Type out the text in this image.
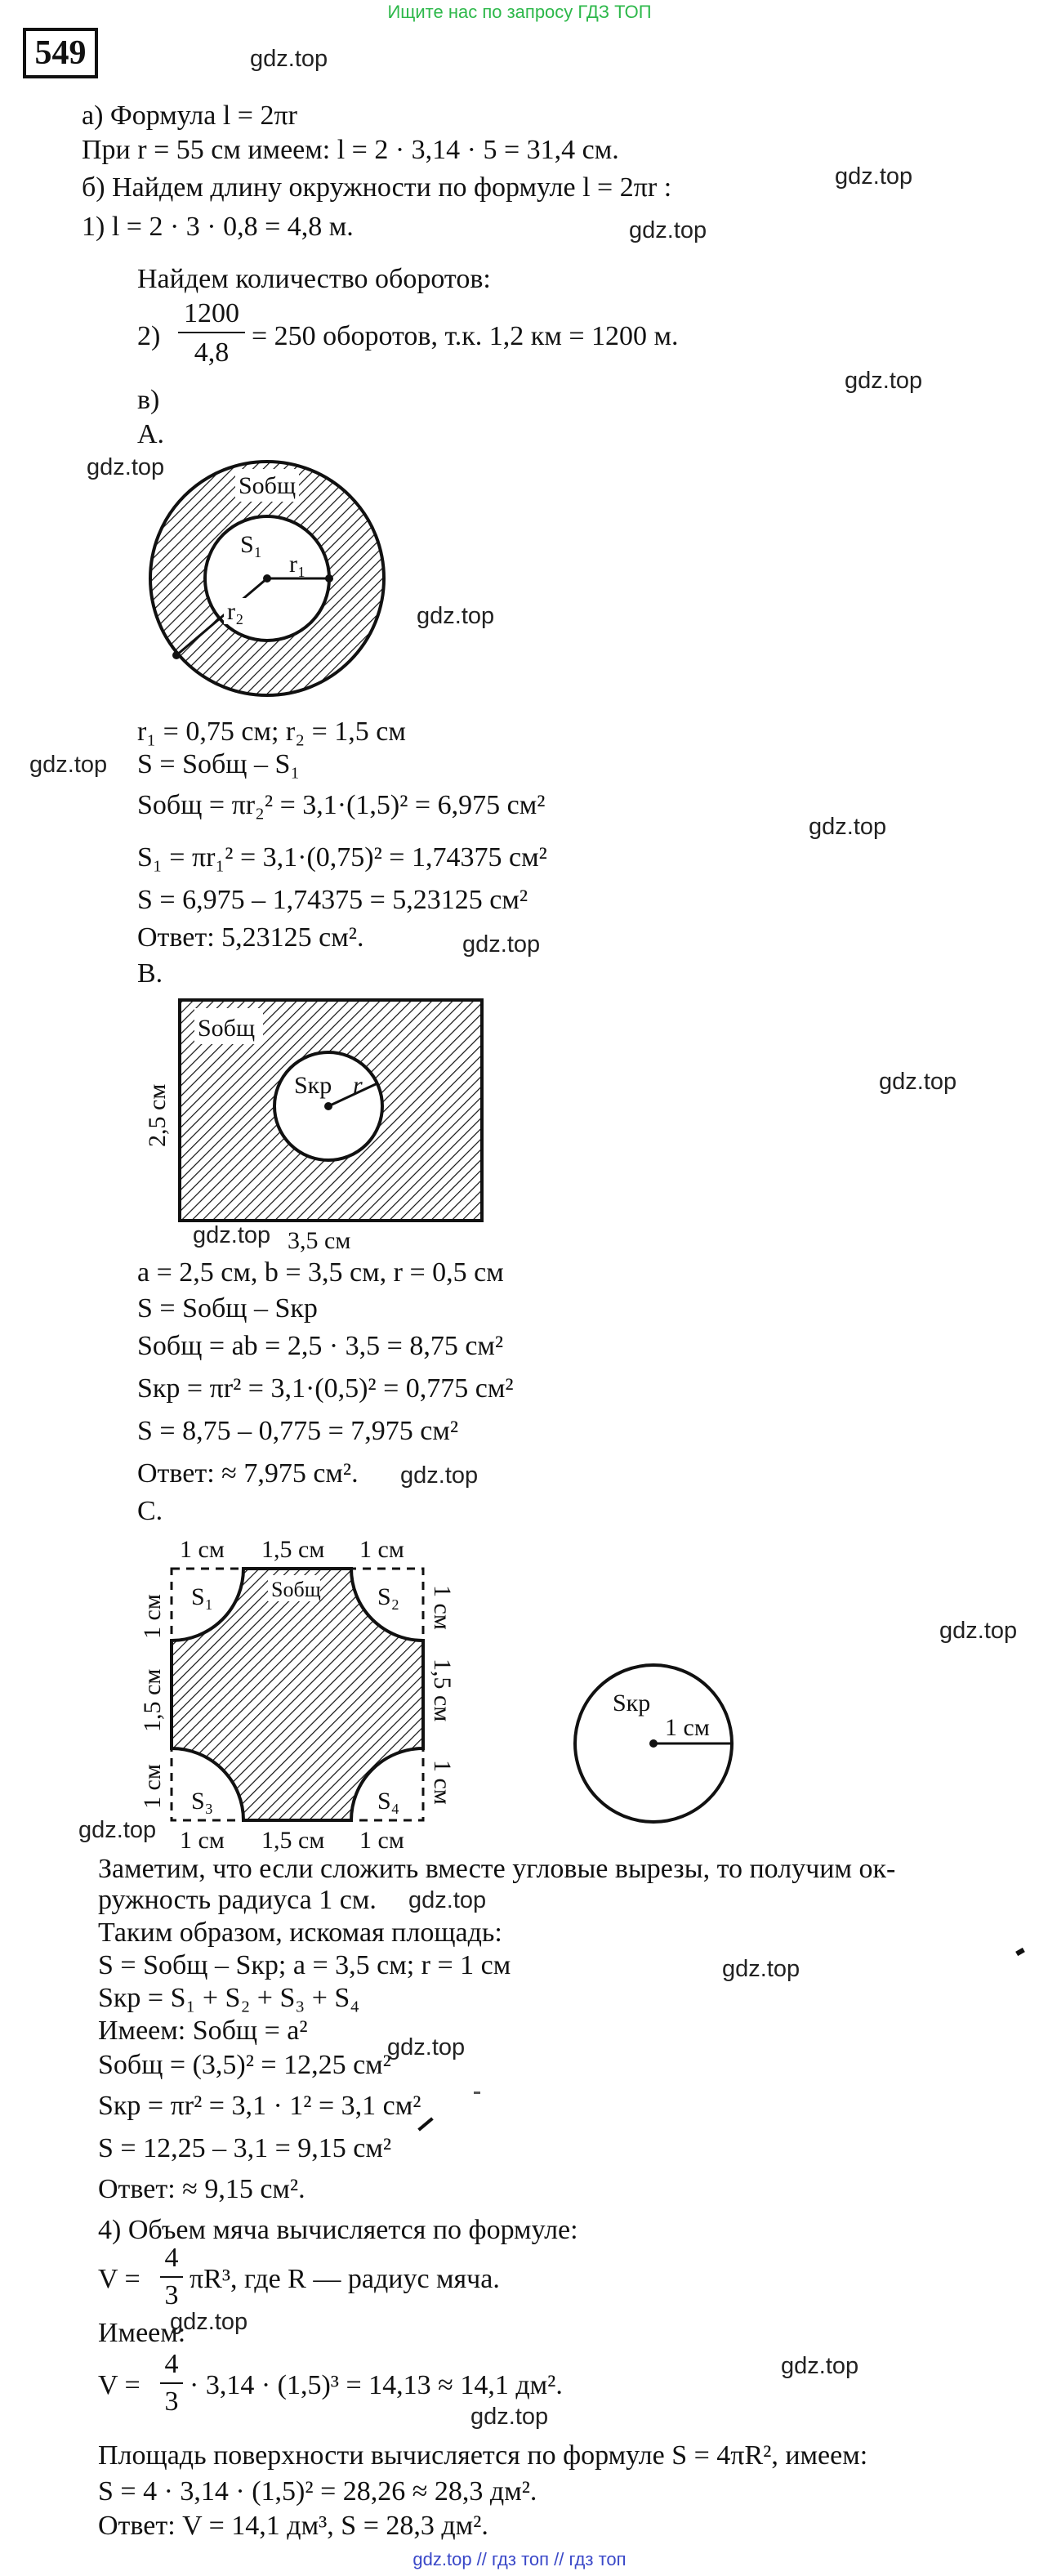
Ищите нас по запросу ГДЗ ТОП
549
а) Формула l = 2πr
При r = 55 см имеем: l = 2 · 3,14 · 5 = 31,4 см.
б) Найдем длину окружности по формуле l = 2πr :
1) l = 2 · 3 · 0,8 = 4,8 м.
Найдем количество оборотов:
2)
1200
4,8
= 250 оборотов, т.к. 1,2 км = 1200 м.
в)
А.
Sобщ
S₁
r₁
r₂
r₁ = 0,75 см; r₂ = 1,5 см
S = Sобщ – S₁
Sобщ = πr₂² = 3,1·(1,5)² = 6,975 см²
S₁ = πr₁² = 3,1·(0,75)² = 1,74375 см²
S = 6,975 – 1,74375 = 5,23125 см²
Ответ: 5,23125 см².
B.
Sобщ
Sкр r
2,5 см
3,5 см
a = 2,5 см, b = 3,5 см, r = 0,5 см
S = Sобщ – Sкр
Sобщ = ab = 2,5 · 3,5 = 8,75 см²
Sкр = πr² = 3,1·(0,5)² = 0,775 см²
S = 8,75 – 0,775 = 7,975 см²
Ответ: ≈ 7,975 см².
C.
Sобщ
S₁	S₂
S₃	S₄
1 см 1,5 см 1 см
1 см 1,5 см 1 см
1 см
1,5 см
1 см
1 см
1,5 см
1 см
Sкр
1 см
Заметим, что если сложить вместе угловые вырезы, то получим ок-
ружность радиуса 1 см.
Таким образом, искомая площадь:
S = Sобщ – Sкр; a = 3,5 см; r = 1 см
Sкр = S₁ + S₂ + S₃ + S₄
Имеем: Sобщ = a²
Sобщ = (3,5)² = 12,25 см²
Sкр = πr² = 3,1 · 1² = 3,1 см²
S = 12,25 – 3,1 = 9,15 см²
Ответ: ≈ 9,15 см².
4) Объем мяча вычисляется по формуле:
V =
4
3
πR³, где R — радиус мяча.
Имеем:
V =
4
3
· 3,14 · (1,5)³ = 14,13 ≈ 14,1 дм².
Площадь поверхности вычисляется по формуле S = 4πR², имеем:
S = 4 · 3,14 · (1,5)² = 28,26 ≈ 28,3 дм².
Ответ: V = 14,1 дм³, S = 28,3 дм².
gdz.top
gdz.top
gdz.top
gdz.top
gdz.top
gdz.top
gdz.top
gdz.top
gdz.top
gdz.top
gdz.top
gdz.top
gdz.top
gdz.top
gdz.top
gdz.top
gdz.top
gdz.top
gdz.top
gdz.top
gdz.top // гдз топ // гдз топ
